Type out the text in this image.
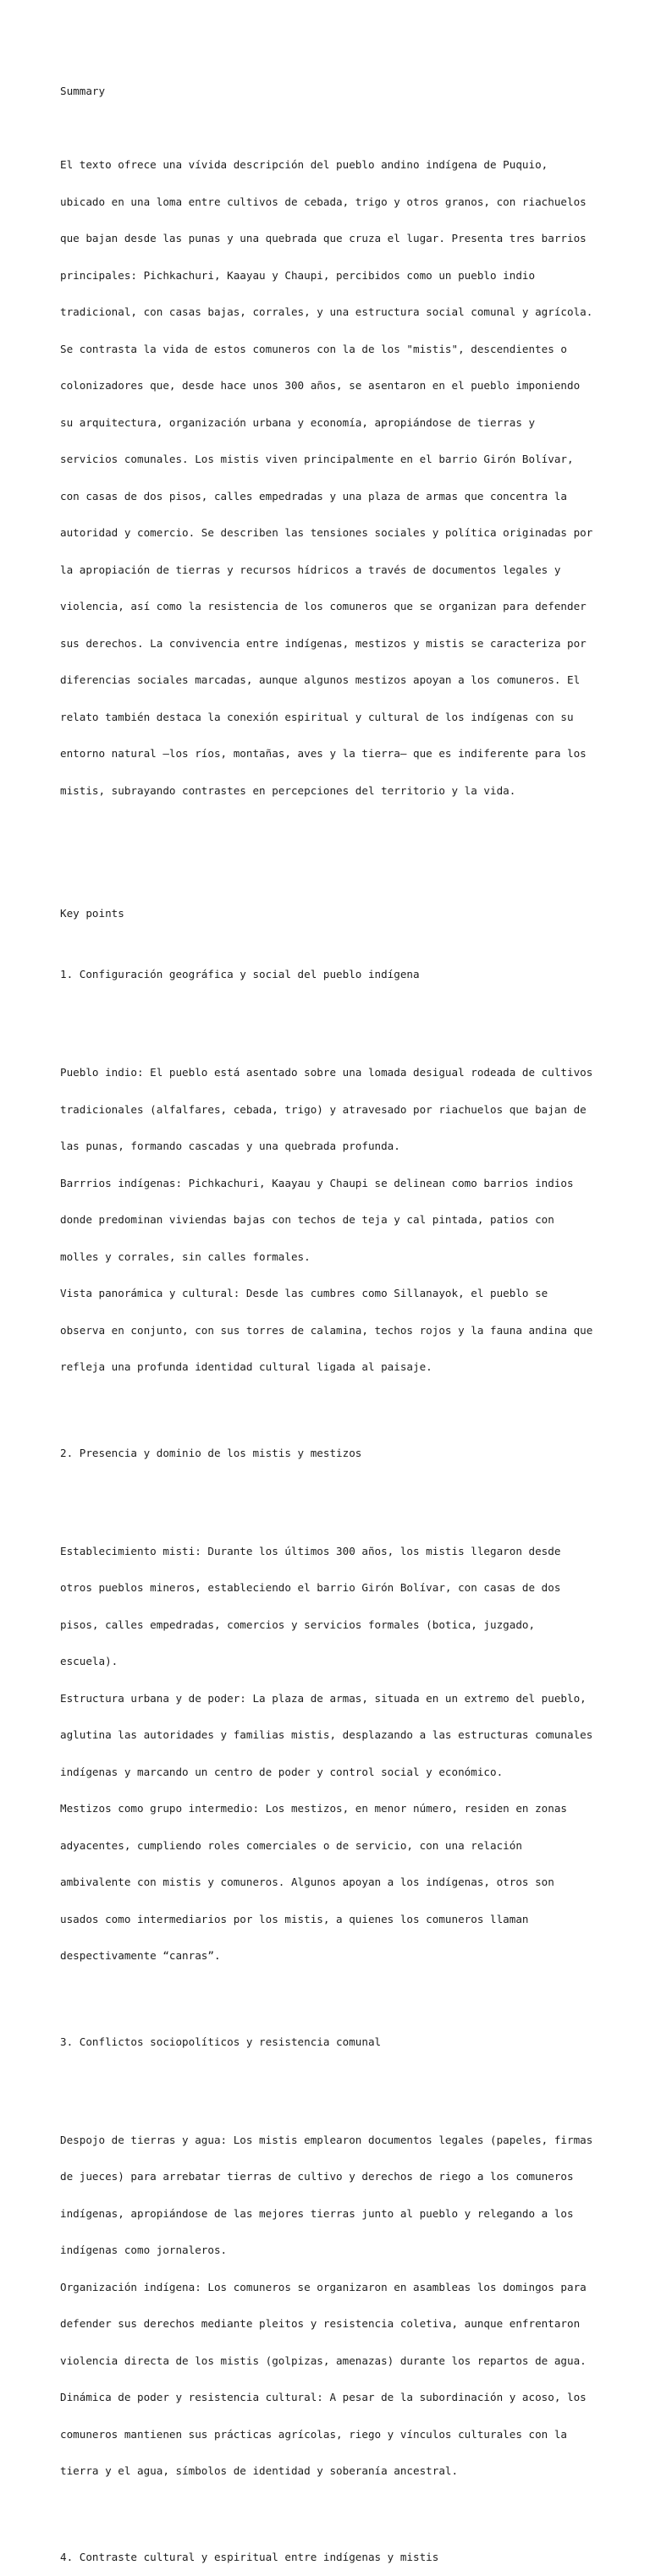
Summary

El texto ofrece una vívida descripción del pueblo andino indígena de Puquio,

ubicado en una loma entre cultivos de cebada, trigo y otros granos, con riachuelos

que bajan desde las punas y una quebrada que cruza el lugar. Presenta tres barrios

principales: Pichkachuri, Kaayau y Chaupi, percibidos como un pueblo indio

tradicional, con casas bajas, corrales, y una estructura social comunal y agrícola.

Se contrasta la vida de estos comuneros con la de los "mistis", descendientes o

colonizadores que, desde hace unos 300 años, se asentaron en el pueblo imponiendo

su arquitectura, organización urbana y economía, apropiándose de tierras y

servicios comunales. Los mistis viven principalmente en el barrio Girón Bolívar,

con casas de dos pisos, calles empedradas y una plaza de armas que concentra la

autoridad y comercio. Se describen las tensiones sociales y política originadas por

la apropiación de tierras y recursos hídricos a través de documentos legales y

violencia, así como la resistencia de los comuneros que se organizan para defender

sus derechos. La convivencia entre indígenas, mestizos y mistis se caracteriza por

diferencias sociales marcadas, aunque algunos mestizos apoyan a los comuneros. El

relato también destaca la conexión espiritual y cultural de los indígenas con su

entorno natural —los ríos, montañas, aves y la tierra— que es indiferente para los

mistis, subrayando contrastes en percepciones del territorio y la vida.

Key points

1. Configuración geográfica y social del pueblo indígena

Pueblo indio: El pueblo está asentado sobre una lomada desigual rodeada de cultivos

tradicionales (alfalfares, cebada, trigo) y atravesado por riachuelos que bajan de

las punas, formando cascadas y una quebrada profunda.

Barrrios indígenas: Pichkachuri, Kaayau y Chaupi se delinean como barrios indios

donde predominan viviendas bajas con techos de teja y cal pintada, patios con

molles y corrales, sin calles formales.

Vista panorámica y cultural: Desde las cumbres como Sillanayok, el pueblo se

observa en conjunto, con sus torres de calamina, techos rojos y la fauna andina que

refleja una profunda identidad cultural ligada al paisaje.

2. Presencia y dominio de los mistis y mestizos

Establecimiento misti: Durante los últimos 300 años, los mistis llegaron desde

otros pueblos mineros, estableciendo el barrio Girón Bolívar, con casas de dos

pisos, calles empedradas, comercios y servicios formales (botica, juzgado,

escuela).

Estructura urbana y de poder: La plaza de armas, situada en un extremo del pueblo,

aglutina las autoridades y familias mistis, desplazando a las estructuras comunales

indígenas y marcando un centro de poder y control social y económico.

Mestizos como grupo intermedio: Los mestizos, en menor número, residen en zonas

adyacentes, cumpliendo roles comerciales o de servicio, con una relación

ambivalente con mistis y comuneros. Algunos apoyan a los indígenas, otros son

usados como intermediarios por los mistis, a quienes los comuneros llaman

despectivamente “canras”.

3. Conflictos sociopolíticos y resistencia comunal

Despojo de tierras y agua: Los mistis emplearon documentos legales (papeles, firmas

de jueces) para arrebatar tierras de cultivo y derechos de riego a los comuneros

indígenas, apropiándose de las mejores tierras junto al pueblo y relegando a los

indígenas como jornaleros.

Organización indígena: Los comuneros se organizaron en asambleas los domingos para

defender sus derechos mediante pleitos y resistencia coletiva, aunque enfrentaron

violencia directa de los mistis (golpizas, amenazas) durante los repartos de agua.

Dinámica de poder y resistencia cultural: A pesar de la subordinación y acoso, los

comuneros mantienen sus prácticas agrícolas, riego y vínculos culturales con la

tierra y el agua, símbolos de identidad y soberanía ancestral.

4. Contraste cultural y espiritual entre indígenas y mistis
